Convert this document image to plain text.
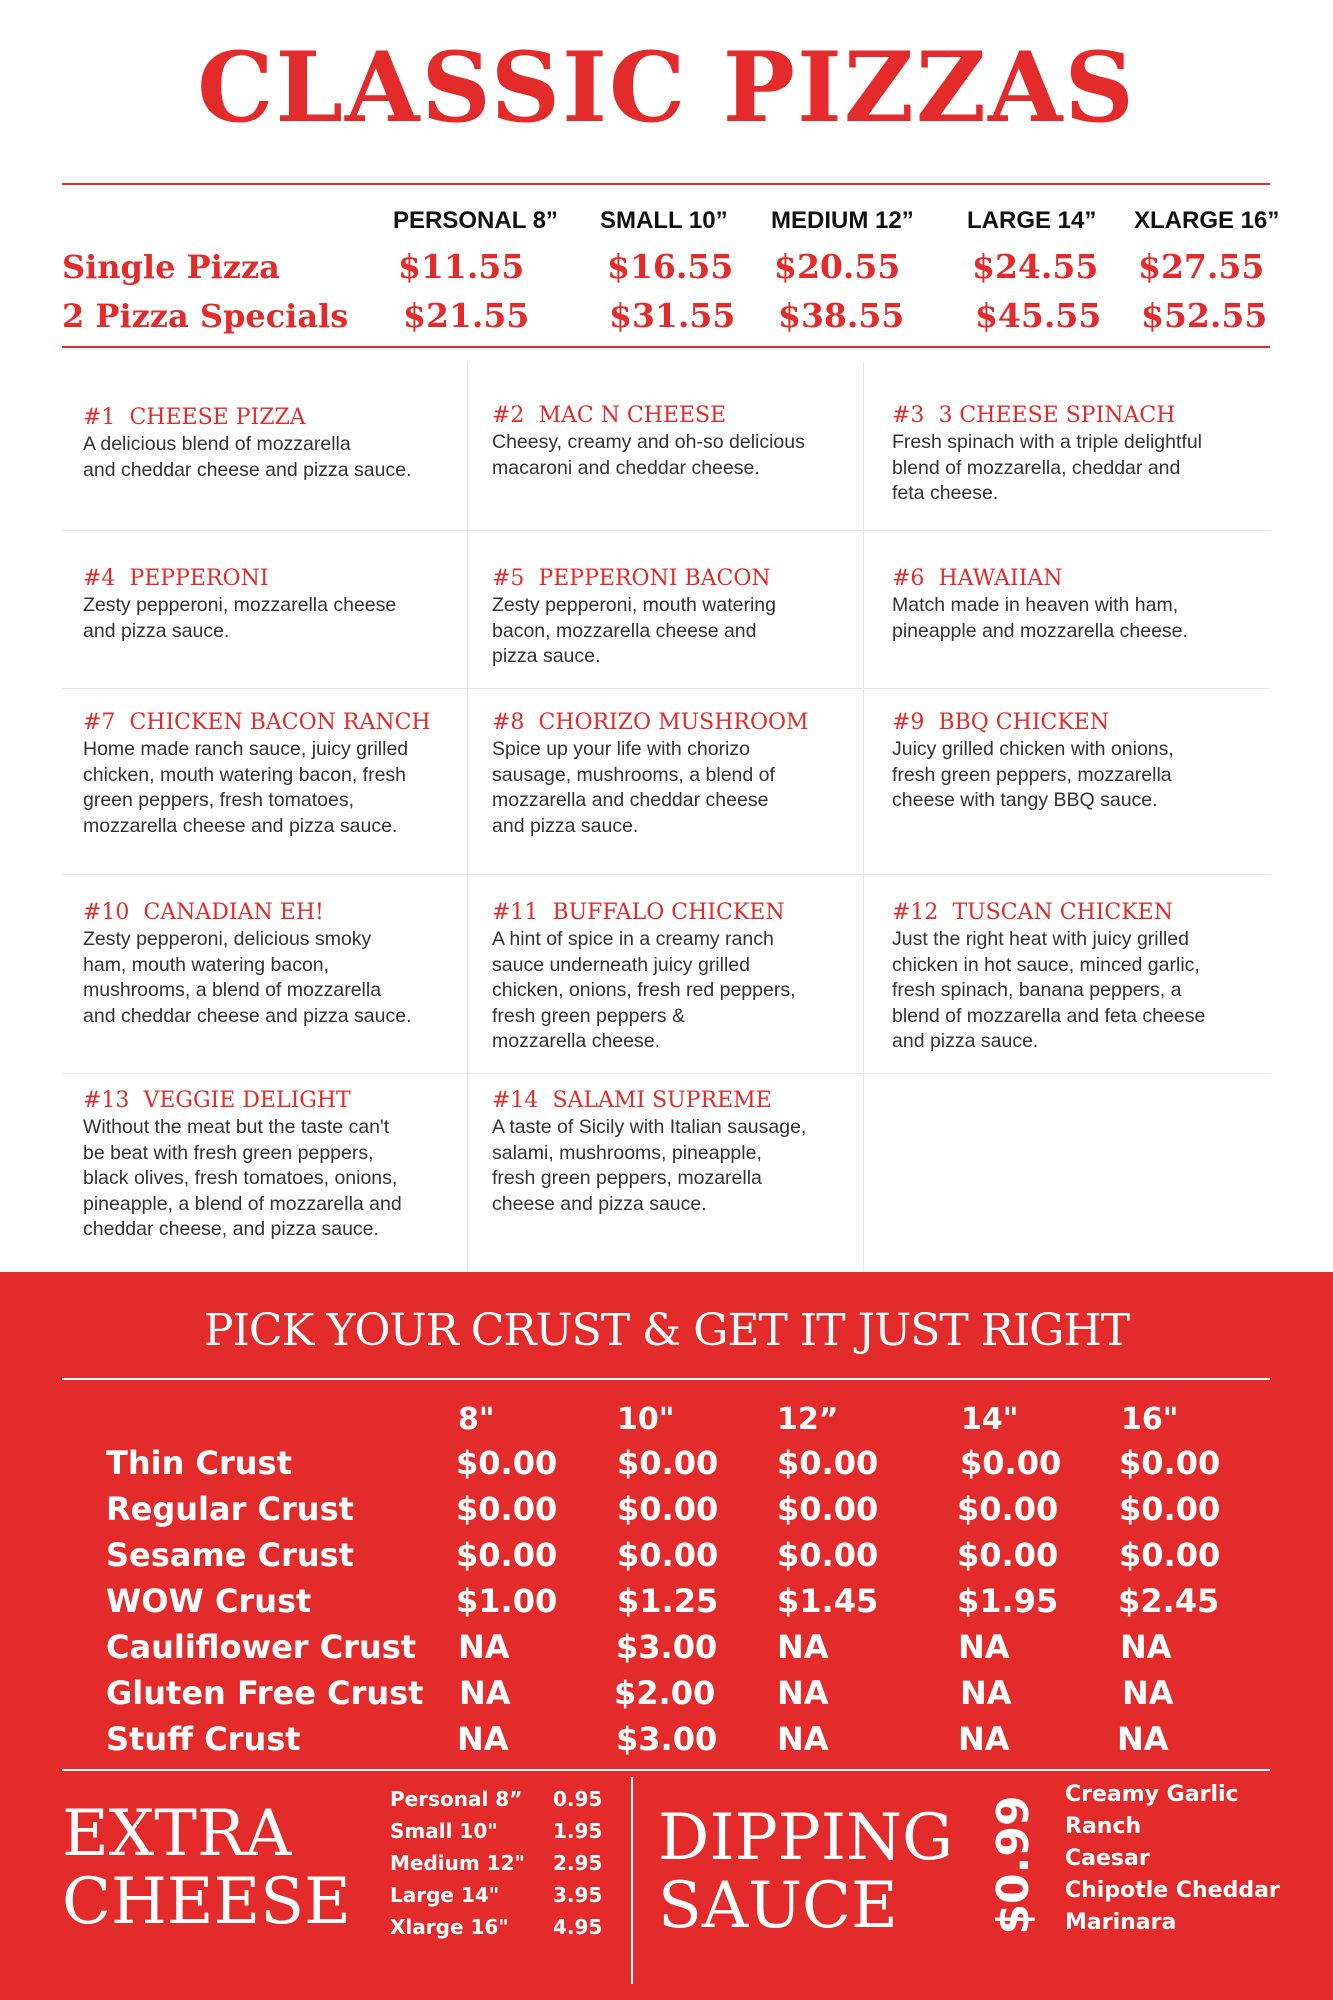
CLASSIC PIZZAS
PERSONAL 8” SMALL 10” MEDIUM 12” LARGE 14” XLARGE 16”
Single Pizza	$11.55	$16.55 $20.55 $24.55 $27.55
2 Pizza Specials $21.55 $31.55 $38.55 $45.55 $52.55
#1 CHEESE PIZZA
A delicious blend of mozzarella
and cheddar cheese and pizza sauce.
#2 MAC N CHEESE
Cheesy, creamy and oh-so delicious
macaroni and cheddar cheese.
#3 3 CHEESE SPINACH
Fresh spinach with a triple delightful
blend of mozzarella, cheddar and
feta cheese.
#4 PEPPERONI
Zesty pepperoni, mozzarella cheese
and pizza sauce.
#5 PEPPERONI BACON
Zesty pepperoni, mouth watering
bacon, mozzarella cheese and
pizza sauce.
#6 HAWAIIAN
Match made in heaven with ham,
pineapple and mozzarella cheese.
#7 CHICKEN BACON RANCH
Home made ranch sauce, juicy grilled
chicken, mouth watering bacon, fresh
green peppers, fresh tomatoes,
mozzarella cheese and pizza sauce.
#8 CHORIZO MUSHROOM
Spice up your life with chorizo
sausage, mushrooms, a blend of
mozzarella and cheddar cheese
and pizza sauce.
#9 BBQ CHICKEN
Juicy grilled chicken with onions,
fresh green peppers, mozzarella
cheese with tangy BBQ sauce.
#10 CANADIAN EH!
Zesty pepperoni, delicious smoky
ham, mouth watering bacon,
mushrooms, a blend of mozzarella
and cheddar cheese and pizza sauce.
#11 BUFFALO CHICKEN
A hint of spice in a creamy ranch
sauce underneath juicy grilled
chicken, onions, fresh red peppers,
fresh green peppers &
mozzarella cheese.
#12 TUSCAN CHICKEN
Just the right heat with juicy grilled
chicken in hot sauce, minced garlic,
fresh spinach, banana peppers, a
blend of mozzarella and feta cheese
and pizza sauce.
#13 VEGGIE DELIGHT
Without the meat but the taste can't
be beat with fresh green peppers,
black olives, fresh tomatoes, onions,
pineapple, a blend of mozzarella and
cheddar cheese, and pizza sauce.
#14 SALAMI SUPREME
A taste of Sicily with Italian sausage,
salami, mushrooms, pineapple,
fresh green peppers, mozarella
cheese and pizza sauce.
PICK YOUR CRUST & GET IT JUST RIGHT
8"	10"	12”	14"	16"
Thin Crust	$0.00 $0.00 $0.00	$0.00 $0.00
Regular Crust	$0.00 $0.00 $0.00 $0.00 $0.00
Sesame Crust	$0.00 $0.00 $0.00 $0.00 $0.00
WOW Crust	$1.00 $1.25 $1.45 $1.95 $2.45
Cauliflower Crust NA	$3.00 NA	NA	NA
Gluten Free Crust NA	$2.00 NA	NA	NA
Stuff Crust	NA	$3.00 NA	NA	NA
EXTRA
CHEESE
Personal 8” 0.95
Small 10"	1.95
Medium 12" 2.95
Large 14"	3.95
Xlarge 16" 4.95
DIPPING
SAUCE	$0.99
Creamy Garlic
Ranch
Caesar
Chipotle Cheddar
Marinara
